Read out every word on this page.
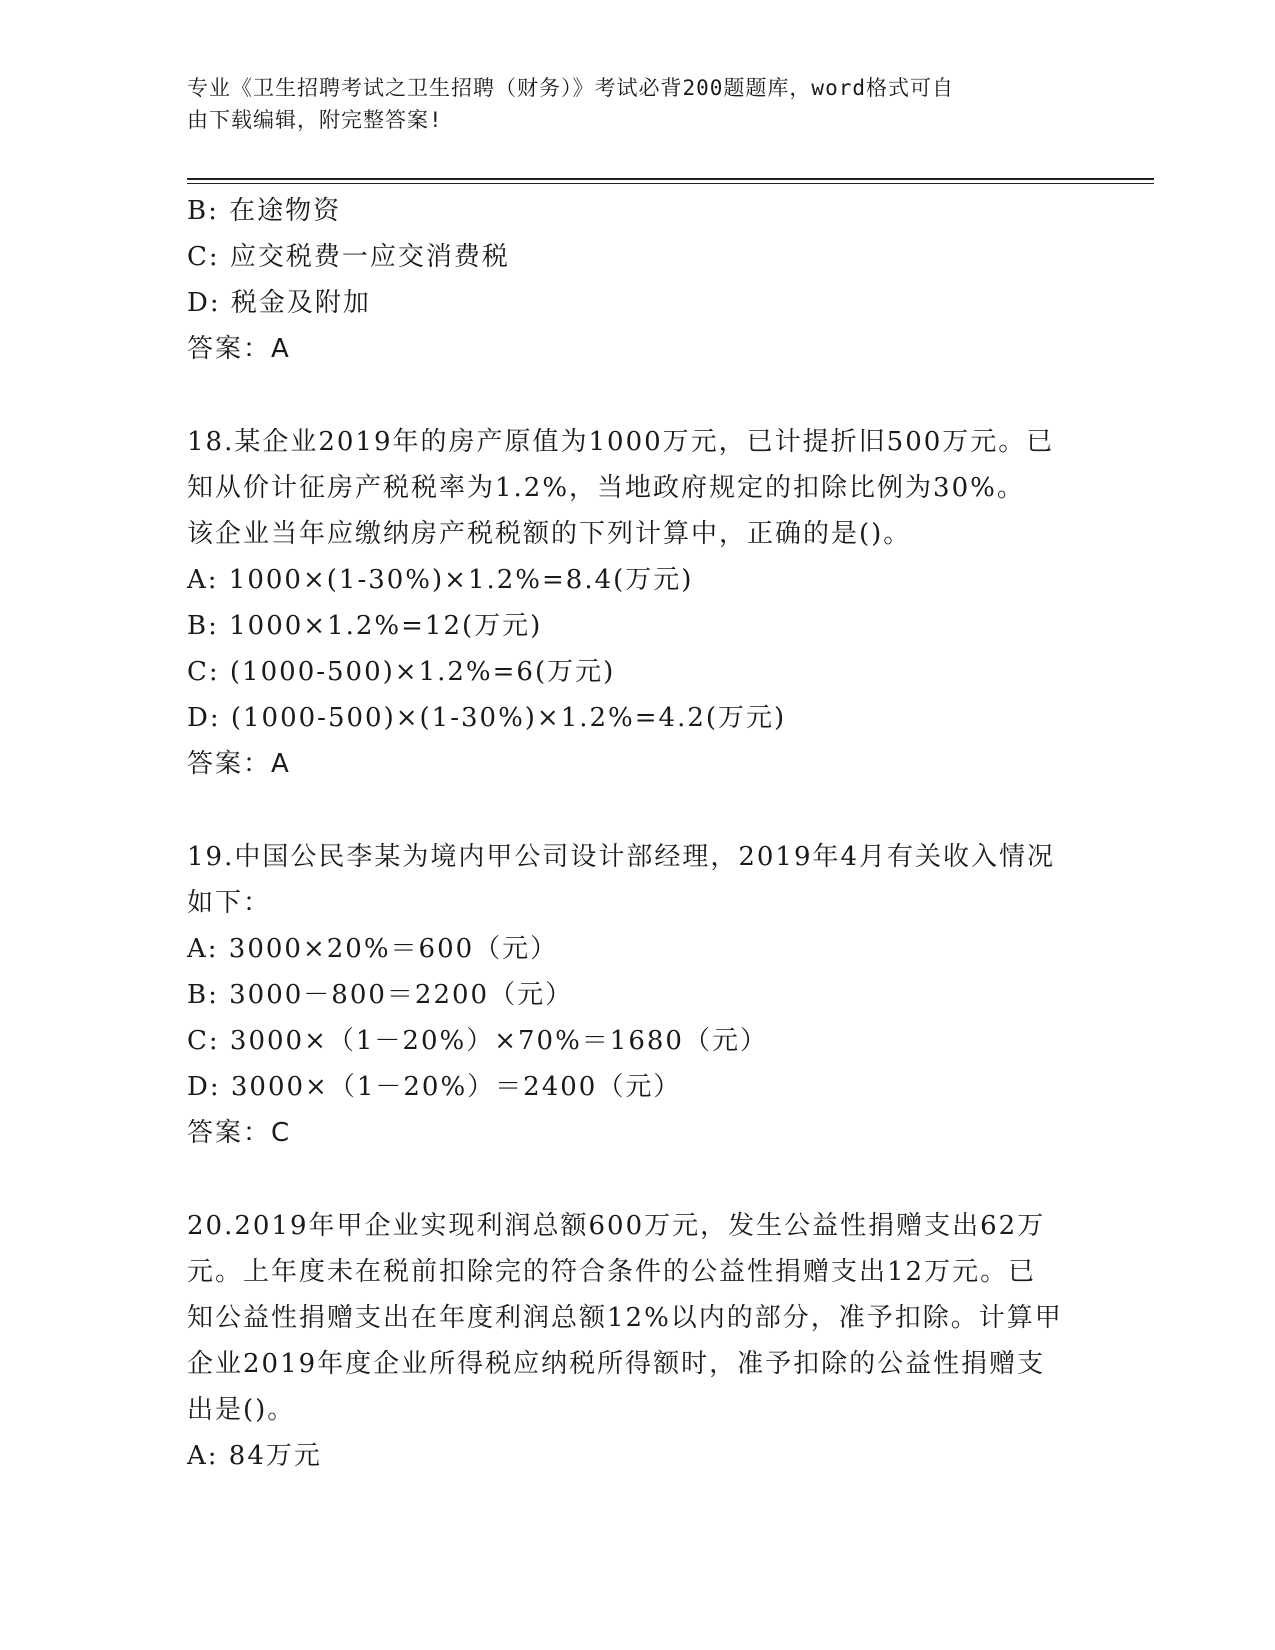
专业《卫生招聘考试之卫生招聘（财务）》考试必背200题题库，word格式可自
由下载编辑，附完整答案!
B: 在途物资
C: 应交税费一应交消费税
D: 税金及附加
答案：A
18.某企业2019年的房产原值为1000万元，已计提折旧500万元。已
知从价计征房产税税率为1.2%，当地政府规定的扣除比例为30%。
该企业当年应缴纳房产税税额的下列计算中，正确的是()。
A: 1000×(1-30%)×1.2%=8.4(万元)
B: 1000×1.2%=12(万元)
C: (1000-500)×1.2%=6(万元)
D: (1000-500)×(1-30%)×1.2%=4.2(万元)
答案：A
19.中国公民李某为境内甲公司设计部经理，2019年4月有关收入情况
如下：
A: 3000×20%＝600（元）
B: 3000－800＝2200（元）
C: 3000×（1－20%）×70%＝1680（元）
D: 3000×（1－20%）＝2400（元）
答案：C
20.2019年甲企业实现利润总额600万元，发生公益性捐赠支出62万
元。上年度未在税前扣除完的符合条件的公益性捐赠支出12万元。已
知公益性捐赠支出在年度利润总额12%以内的部分，准予扣除。计算甲
企业2019年度企业所得税应纳税所得额时，准予扣除的公益性捐赠支
出是()。
A: 84万元
